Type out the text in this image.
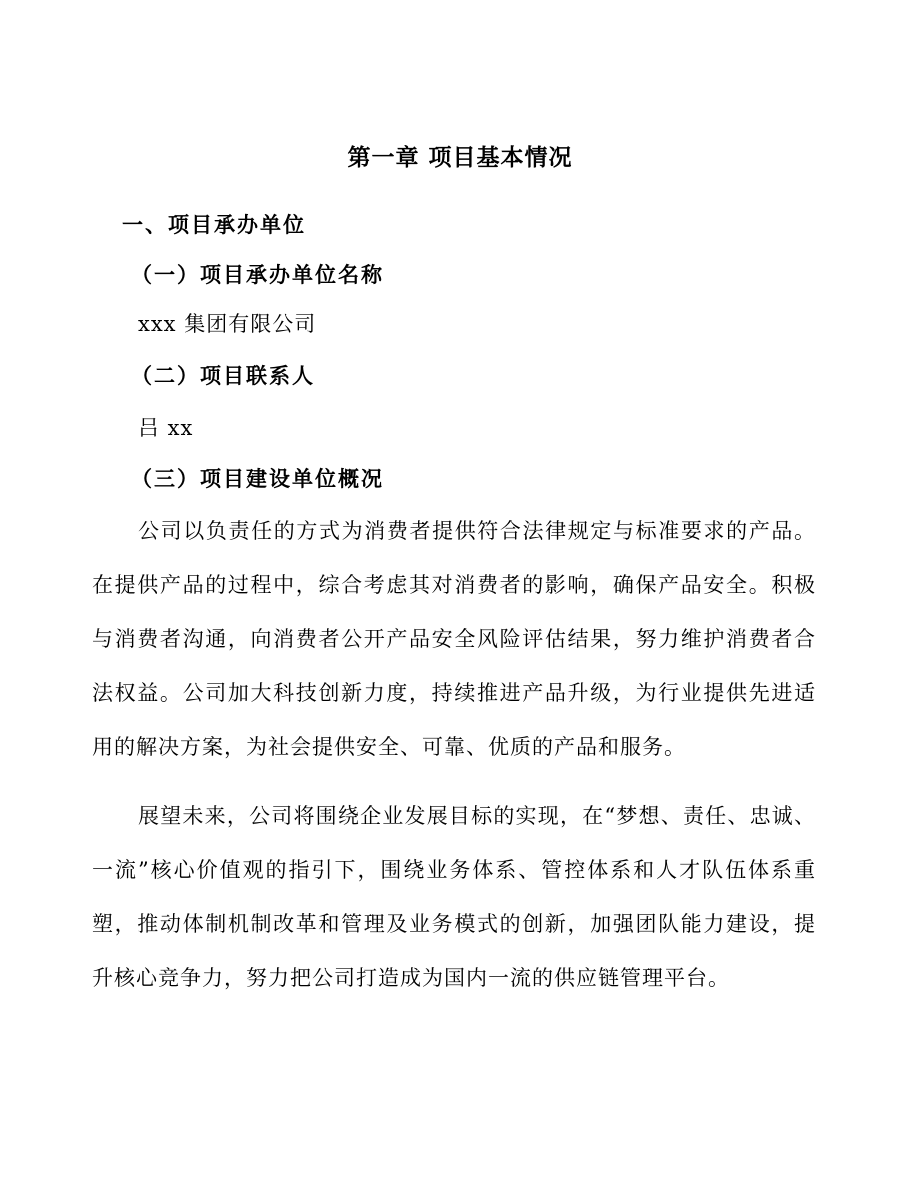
第一章 项目基本情况
一、项目承办单位
（一）项目承办单位名称
xxx 集团有限公司
（二）项目联系人
吕 xx
（三）项目建设单位概况

公司以负责任的方式为消费者提供符合法律规定与标准要求的产品。在提供产品的过程中，综合考虑其对消费者的影响，确保产品安全。积极与消费者沟通，向消费者公开产品安全风险评估结果，努力维护消费者合法权益。公司加大科技创新力度，持续推进产品升级，为行业提供先进适用的解决方案，为社会提供安全、可靠、优质的产品和服务。

展望未来，公司将围绕企业发展目标的实现，在“梦想、责任、忠诚、一流”核心价值观的指引下，围绕业务体系、管控体系和人才队伍体系重塑，推动体制机制改革和管理及业务模式的创新，加强团队能力建设，提升核心竞争力，努力把公司打造成为国内一流的供应链管理平台。
